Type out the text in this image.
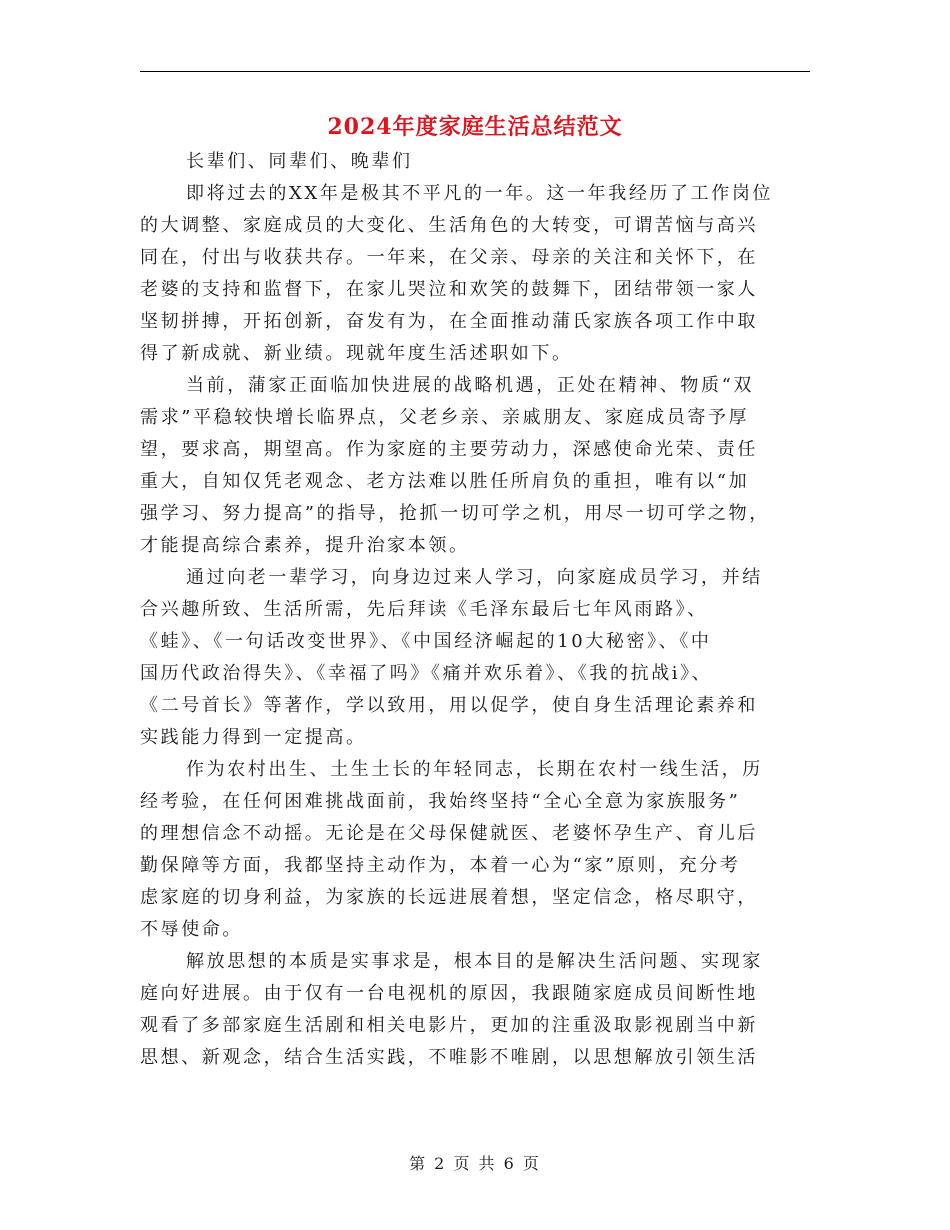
2024年度家庭生活总结范文
长辈们、同辈们、晚辈们
即将过去的XX年是极其不平凡的一年。这一年我经历了工作岗位
的大调整、家庭成员的大变化、生活角色的大转变，可谓苦恼与高兴
同在，付出与收获共存。一年来，在父亲、母亲的关注和关怀下，在
老婆的支持和监督下，在家儿哭泣和欢笑的鼓舞下，团结带领一家人
坚韧拼搏，开拓创新，奋发有为，在全面推动蒲氏家族各项工作中取
得了新成就、新业绩。现就年度生活述职如下。
当前，蒲家正面临加快进展的战略机遇，正处在精神、物质“双
需求”平稳较快增长临界点，父老乡亲、亲戚朋友、家庭成员寄予厚
望，要求高，期望高。作为家庭的主要劳动力，深感使命光荣、责任
重大，自知仅凭老观念、老方法难以胜任所肩负的重担，唯有以“加
强学习、努力提高”的指导，抢抓一切可学之机，用尽一切可学之物，
才能提高综合素养，提升治家本领。
通过向老一辈学习，向身边过来人学习，向家庭成员学习，并结
合兴趣所致、生活所需，先后拜读《毛泽东最后七年风雨路》、
《蛙》、《一句话改变世界》、《中国经济崛起的10大秘密》、《中
国历代政治得失》、《幸福了吗》《痛并欢乐着》、《我的抗战ⅰ》、
《二号首长》等著作，学以致用，用以促学，使自身生活理论素养和
实践能力得到一定提高。
作为农村出生、土生土长的年轻同志，长期在农村一线生活，历
经考验，在任何困难挑战面前，我始终坚持“全心全意为家族服务”
的理想信念不动摇。无论是在父母保健就医、老婆怀孕生产、育儿后
勤保障等方面，我都坚持主动作为，本着一心为“家”原则，充分考
虑家庭的切身利益，为家族的长远进展着想，坚定信念，格尽职守，
不辱使命。
解放思想的本质是实事求是，根本目的是解决生活问题、实现家
庭向好进展。由于仅有一台电视机的原因，我跟随家庭成员间断性地
观看了多部家庭生活剧和相关电影片，更加的注重汲取影视剧当中新
思想、新观念，结合生活实践，不唯影不唯剧，以思想解放引领生活
第 2 页 共 6 页
